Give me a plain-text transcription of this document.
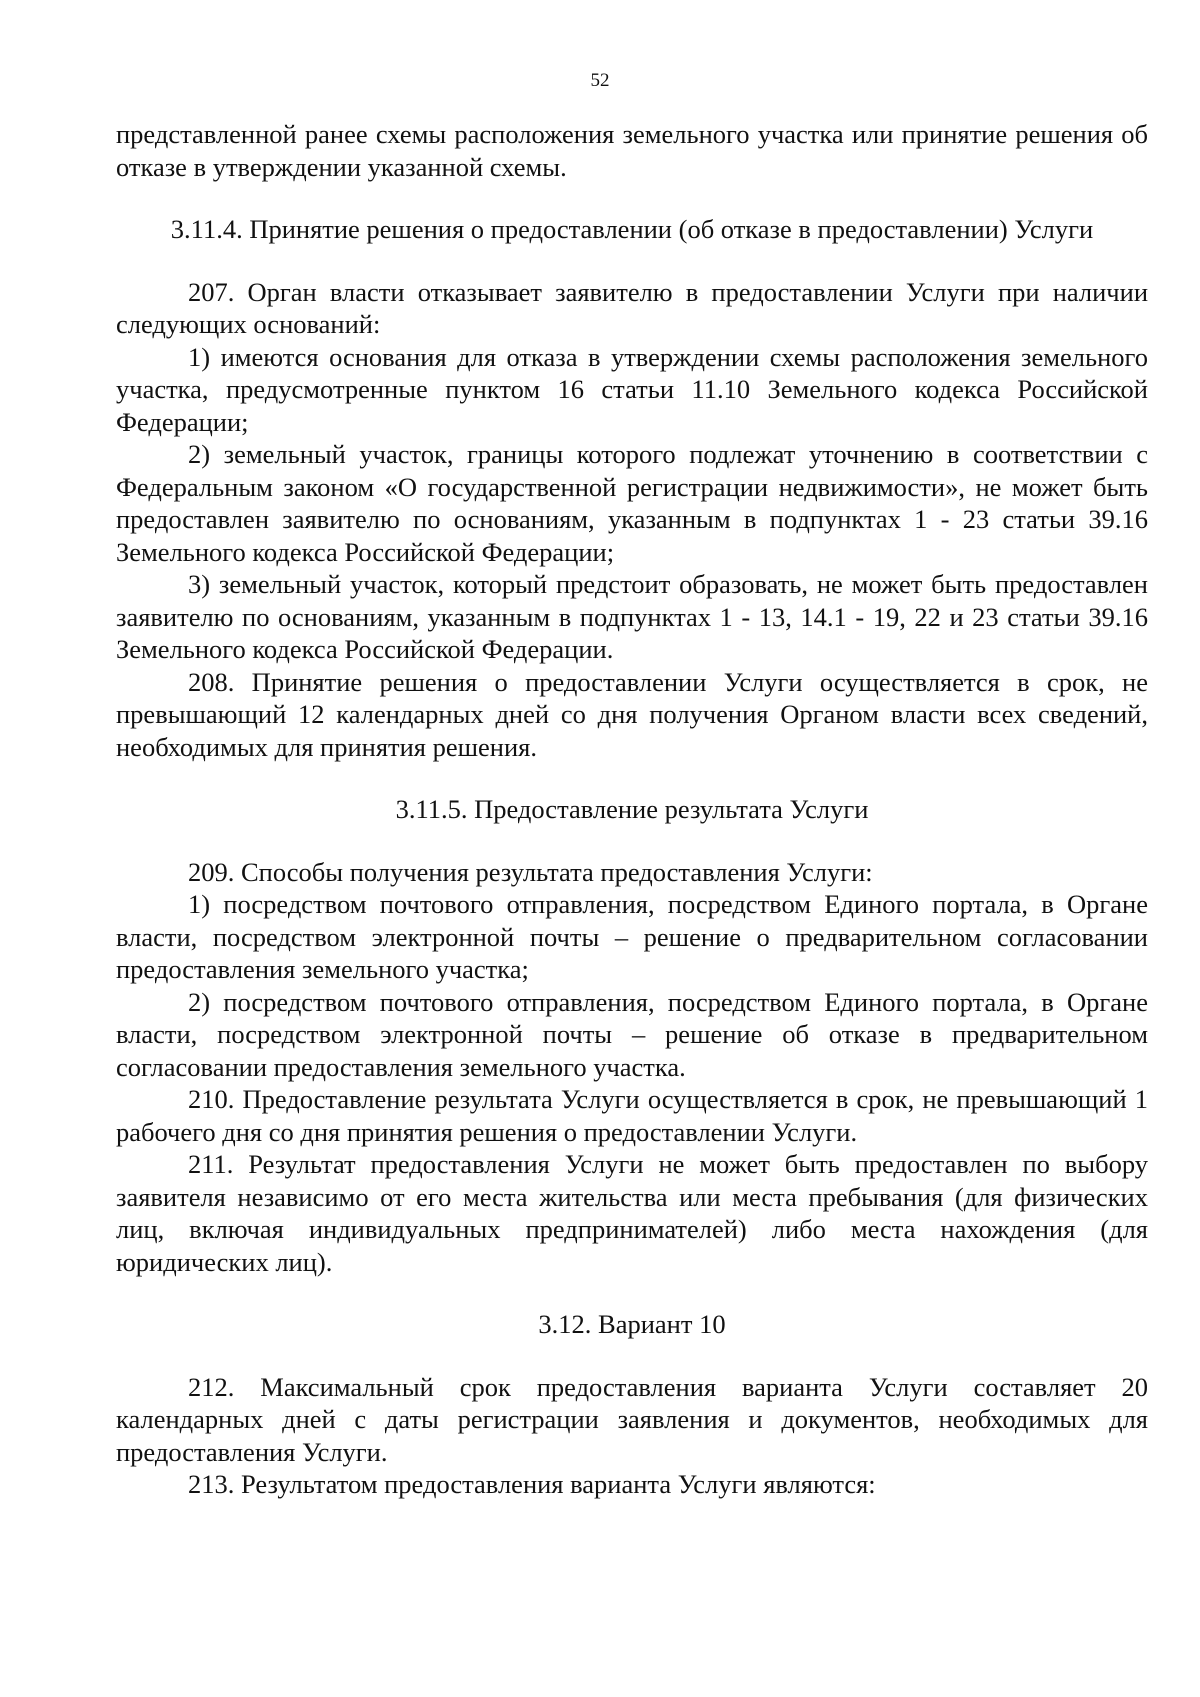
52

представленной ранее схемы расположения земельного участка или принятие решения об отказе в утверждении указанной схемы.

3.11.4. Принятие решения о предоставлении (об отказе в предоставлении) Услуги

207. Орган власти отказывает заявителю в предоставлении Услуги при наличии следующих оснований:

1) имеются основания для отказа в утверждении схемы расположения земельного участка, предусмотренные пунктом 16 статьи 11.10 Земельного кодекса Российской Федерации;

2) земельный участок, границы которого подлежат уточнению в соответствии с Федеральным законом «О государственной регистрации недвижимости», не может быть предоставлен заявителю по основаниям, указанным в подпунктах 1 - 23 статьи 39.16 Земельного кодекса Российской Федерации;

3) земельный участок, который предстоит образовать, не может быть предоставлен заявителю по основаниям, указанным в подпунктах 1 - 13, 14.1 - 19, 22 и 23 статьи 39.16 Земельного кодекса Российской Федерации.

208. Принятие решения о предоставлении Услуги осуществляется в срок, не превышающий 12 календарных дней со дня получения Органом власти всех сведений, необходимых для принятия решения.

3.11.5. Предоставление результата Услуги

209. Способы получения результата предоставления Услуги:

1) посредством почтового отправления, посредством Единого портала, в Органе власти, посредством электронной почты – решение о предварительном согласовании предоставления земельного участка;

2) посредством почтового отправления, посредством Единого портала, в Органе власти, посредством электронной почты – решение об отказе в предварительном согласовании предоставления земельного участка.

210. Предоставление результата Услуги осуществляется в срок, не превышающий 1 рабочего дня со дня принятия решения о предоставлении Услуги.

211. Результат предоставления Услуги не может быть предоставлен по выбору заявителя независимо от его места жительства или места пребывания (для физических лиц, включая индивидуальных предпринимателей) либо места нахождения (для юридических лиц).

3.12. Вариант 10

212. Максимальный срок предоставления варианта Услуги составляет 20 календарных дней с даты регистрации заявления и документов, необходимых для предоставления Услуги.

213. Результатом предоставления варианта Услуги являются:
